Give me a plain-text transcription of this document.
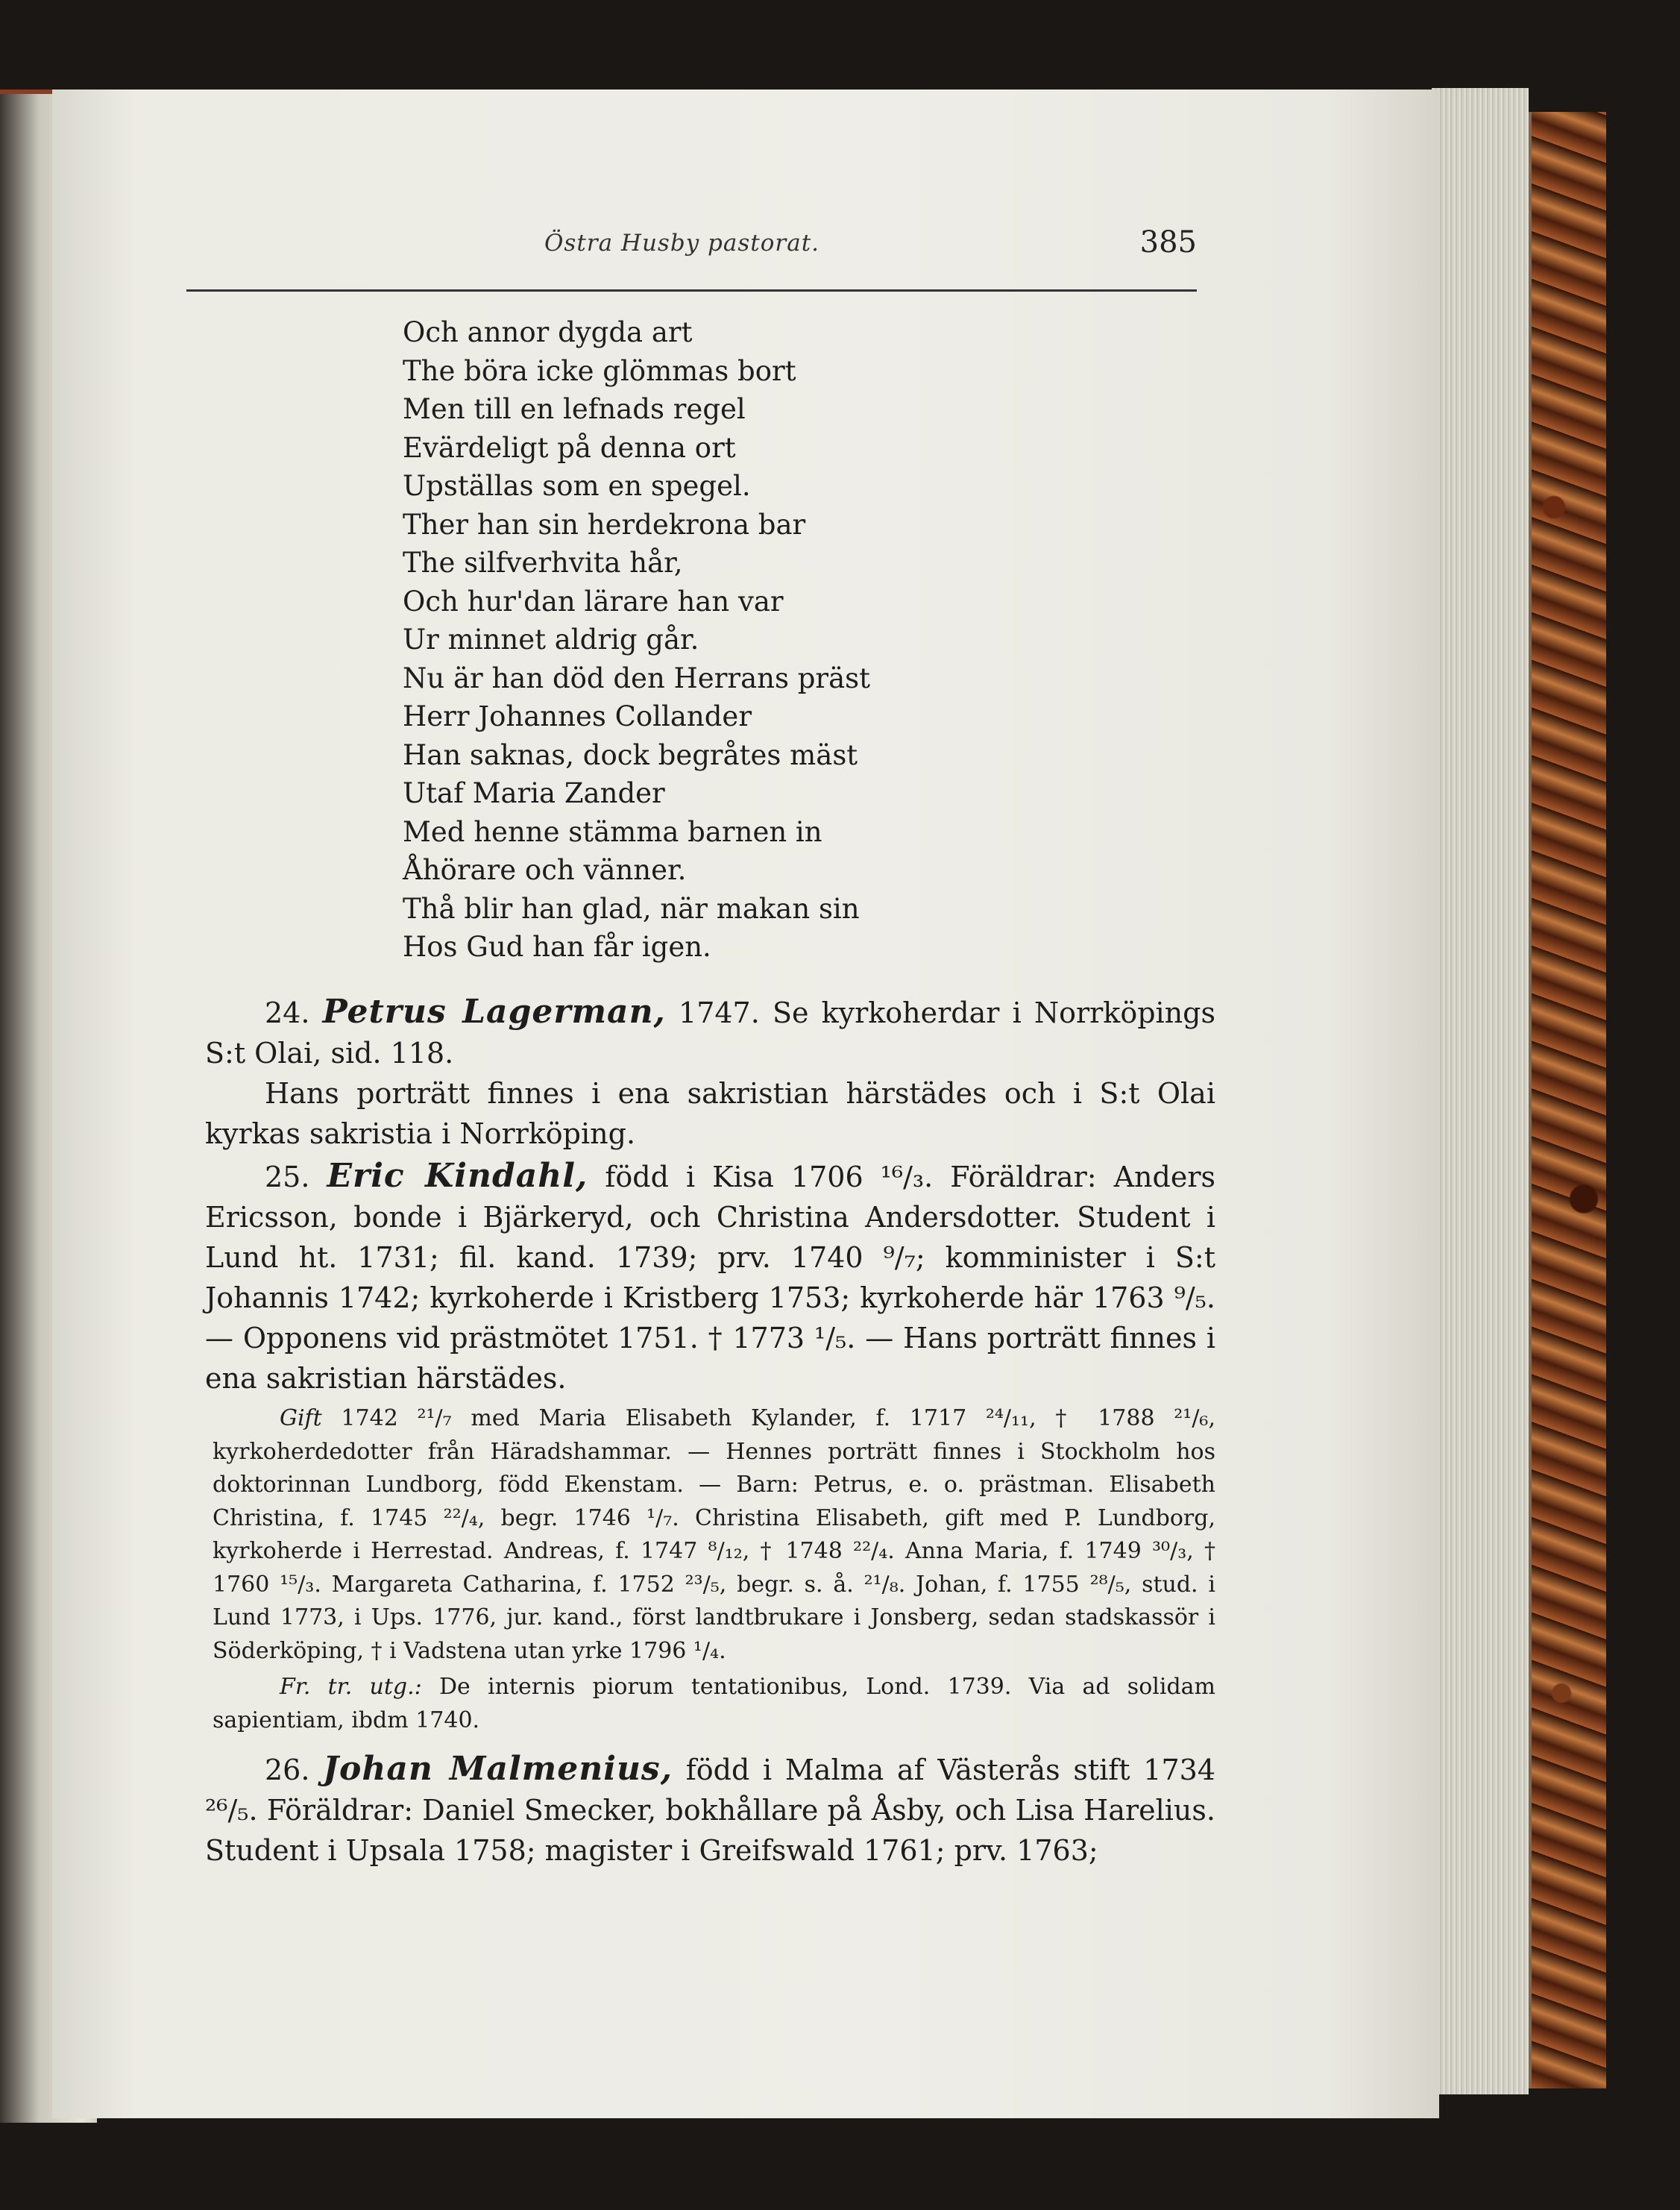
Östra Husby pastorat.	385
Och annor dygda art
The böra icke glömmas bort
Men till en lefnads regel
Evärdeligt på denna ort
Upställas som en spegel.
Ther han sin herdekrona bar
The silfverhvita hår,
Och hur'dan lärare han var
Ur minnet aldrig går.
Nu är han död den Herrans präst
Herr Johannes Collander
Han saknas, dock begråtes mäst
Utaf Maria Zander
Med henne stämma barnen in
Åhörare och vänner.
Thå blir han glad, när makan sin
Hos Gud han får igen.

24. Petrus Lagerman, 1747. Se kyrkoherdar i Norrköpings S:t Olai, sid. 118.

Hans porträtt finnes i ena sakristian härstädes och i S:t Olai kyrkas sakristia i Norrköping.

25. Eric Kindahl, född i Kisa 1706 ¹⁶/₃. Föräldrar: Anders Ericsson, bonde i Bjärkeryd, och Christina Andersdotter. Student i Lund ht. 1731; fil. kand. 1739; prv. 1740 ⁹/₇; komminister i S:t Johannis 1742; kyrkoherde i Kristberg 1753; kyrkoherde här 1763 ⁹/₅. — Opponens vid prästmötet 1751. † 1773 ¹/₅. — Hans porträtt finnes i ena sakristian härstädes.

Gift 1742 ²¹/₇ med Maria Elisabeth Kylander, f. 1717 ²⁴/₁₁, † 1788 ²¹/₆, kyrkoherdedotter från Häradshammar. — Hennes porträtt finnes i Stockholm hos doktorinnan Lundborg, född Ekenstam. — Barn: Petrus, e. o. prästman. Elisabeth Christina, f. 1745 ²²/₄, begr. 1746 ¹/₇. Christina Elisabeth, gift med P. Lundborg, kyrkoherde i Herrestad. Andreas, f. 1747 ⁸/₁₂, † 1748 ²²/₄. Anna Maria, f. 1749 ³⁰/₃, † 1760 ¹⁵/₃. Margareta Catharina, f. 1752 ²³/₅, begr. s. å. ²¹/₈. Johan, f. 1755 ²⁸/₅, stud. i Lund 1773, i Ups. 1776, jur. kand., först landtbrukare i Jonsberg, sedan stadskassör i Söderköping, † i Vadstena utan yrke 1796 ¹/₄.

Fr. tr. utg.: De internis piorum tentationibus, Lond. 1739. Via ad solidam sapientiam, ibdm 1740.

26. Johan Malmenius, född i Malma af Västerås stift 1734 ²⁶/₅. Föräldrar: Daniel Smecker, bokhållare på Åsby, och Lisa Harelius. Student i Upsala 1758; magister i Greifswald 1761; prv. 1763;
